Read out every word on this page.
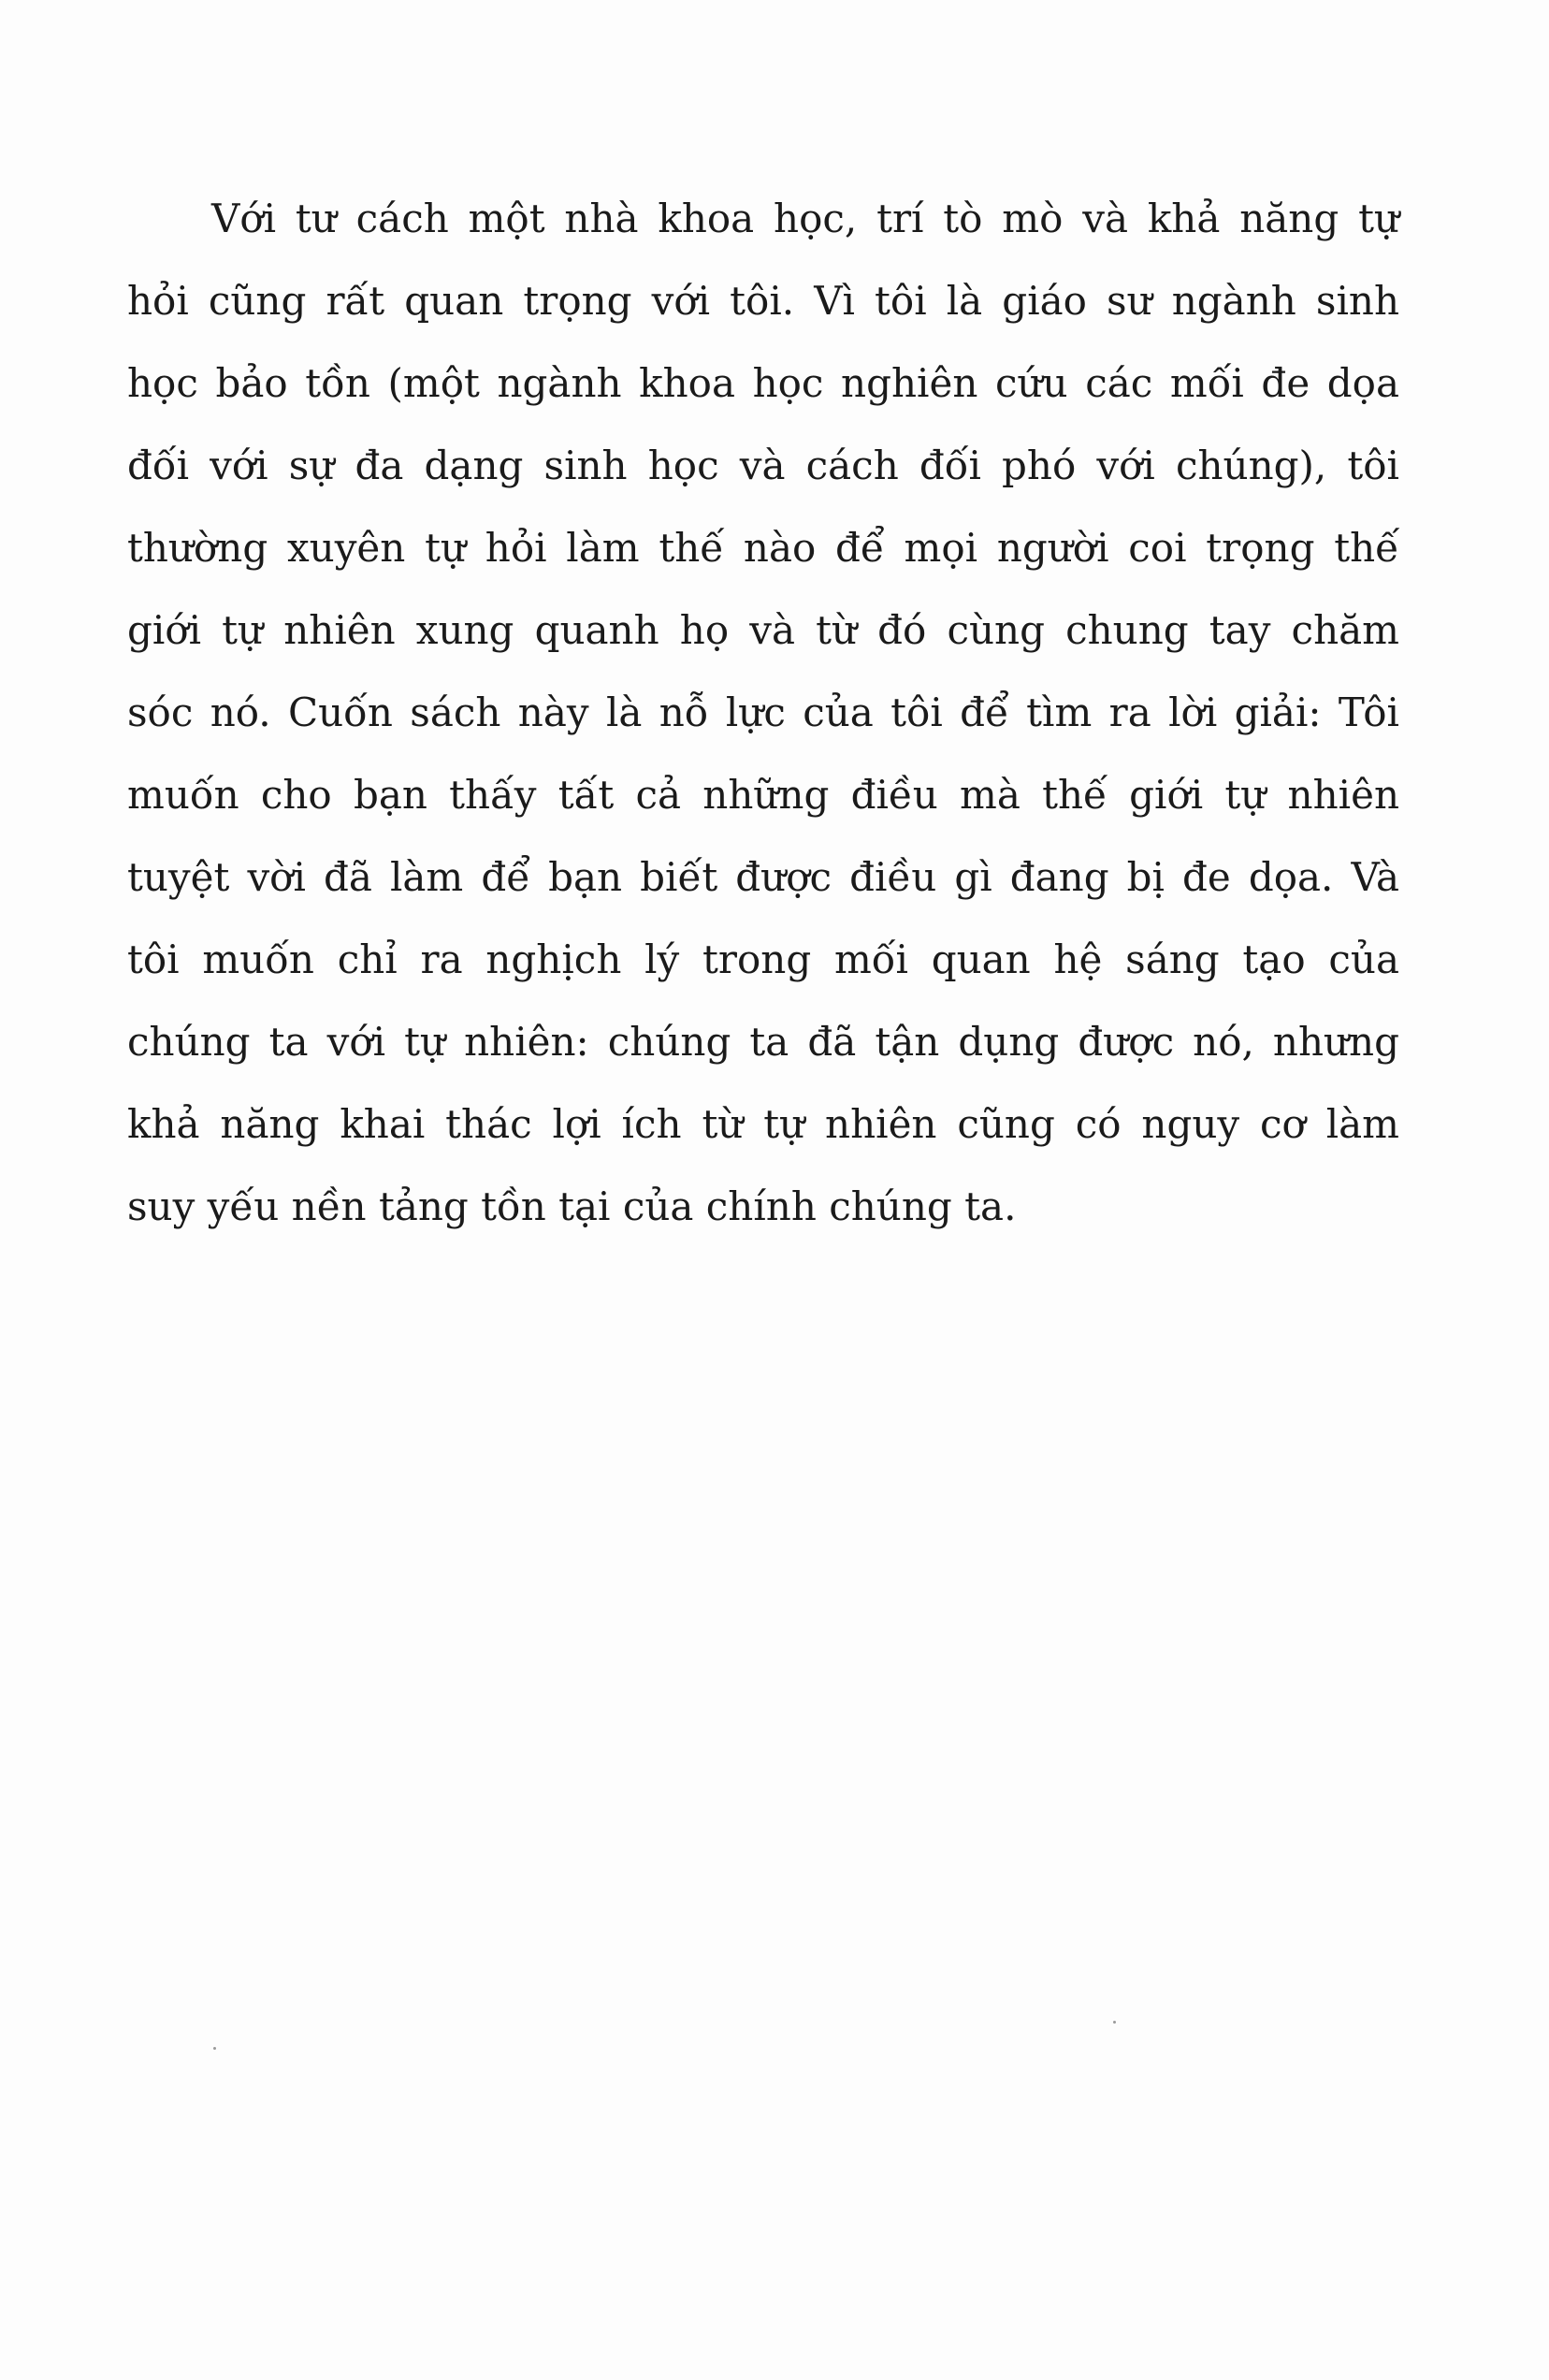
Với tư cách một nhà khoa học, trí tò mò và khả năng tự
hỏi cũng rất quan trọng với tôi. Vì tôi là giáo sư ngành sinh
học bảo tồn (một ngành khoa học nghiên cứu các mối đe dọa
đối với sự đa dạng sinh học và cách đối phó với chúng), tôi
thường xuyên tự hỏi làm thế nào để mọi người coi trọng thế
giới tự nhiên xung quanh họ và từ đó cùng chung tay chăm
sóc nó. Cuốn sách này là nỗ lực của tôi để tìm ra lời giải: Tôi
muốn cho bạn thấy tất cả những điều mà thế giới tự nhiên
tuyệt vời đã làm để bạn biết được điều gì đang bị đe dọa. Và
tôi muốn chỉ ra nghịch lý trong mối quan hệ sáng tạo của
chúng ta với tự nhiên: chúng ta đã tận dụng được nó, nhưng
khả năng khai thác lợi ích từ tự nhiên cũng có nguy cơ làm
suy yếu nền tảng tồn tại của chính chúng ta.
